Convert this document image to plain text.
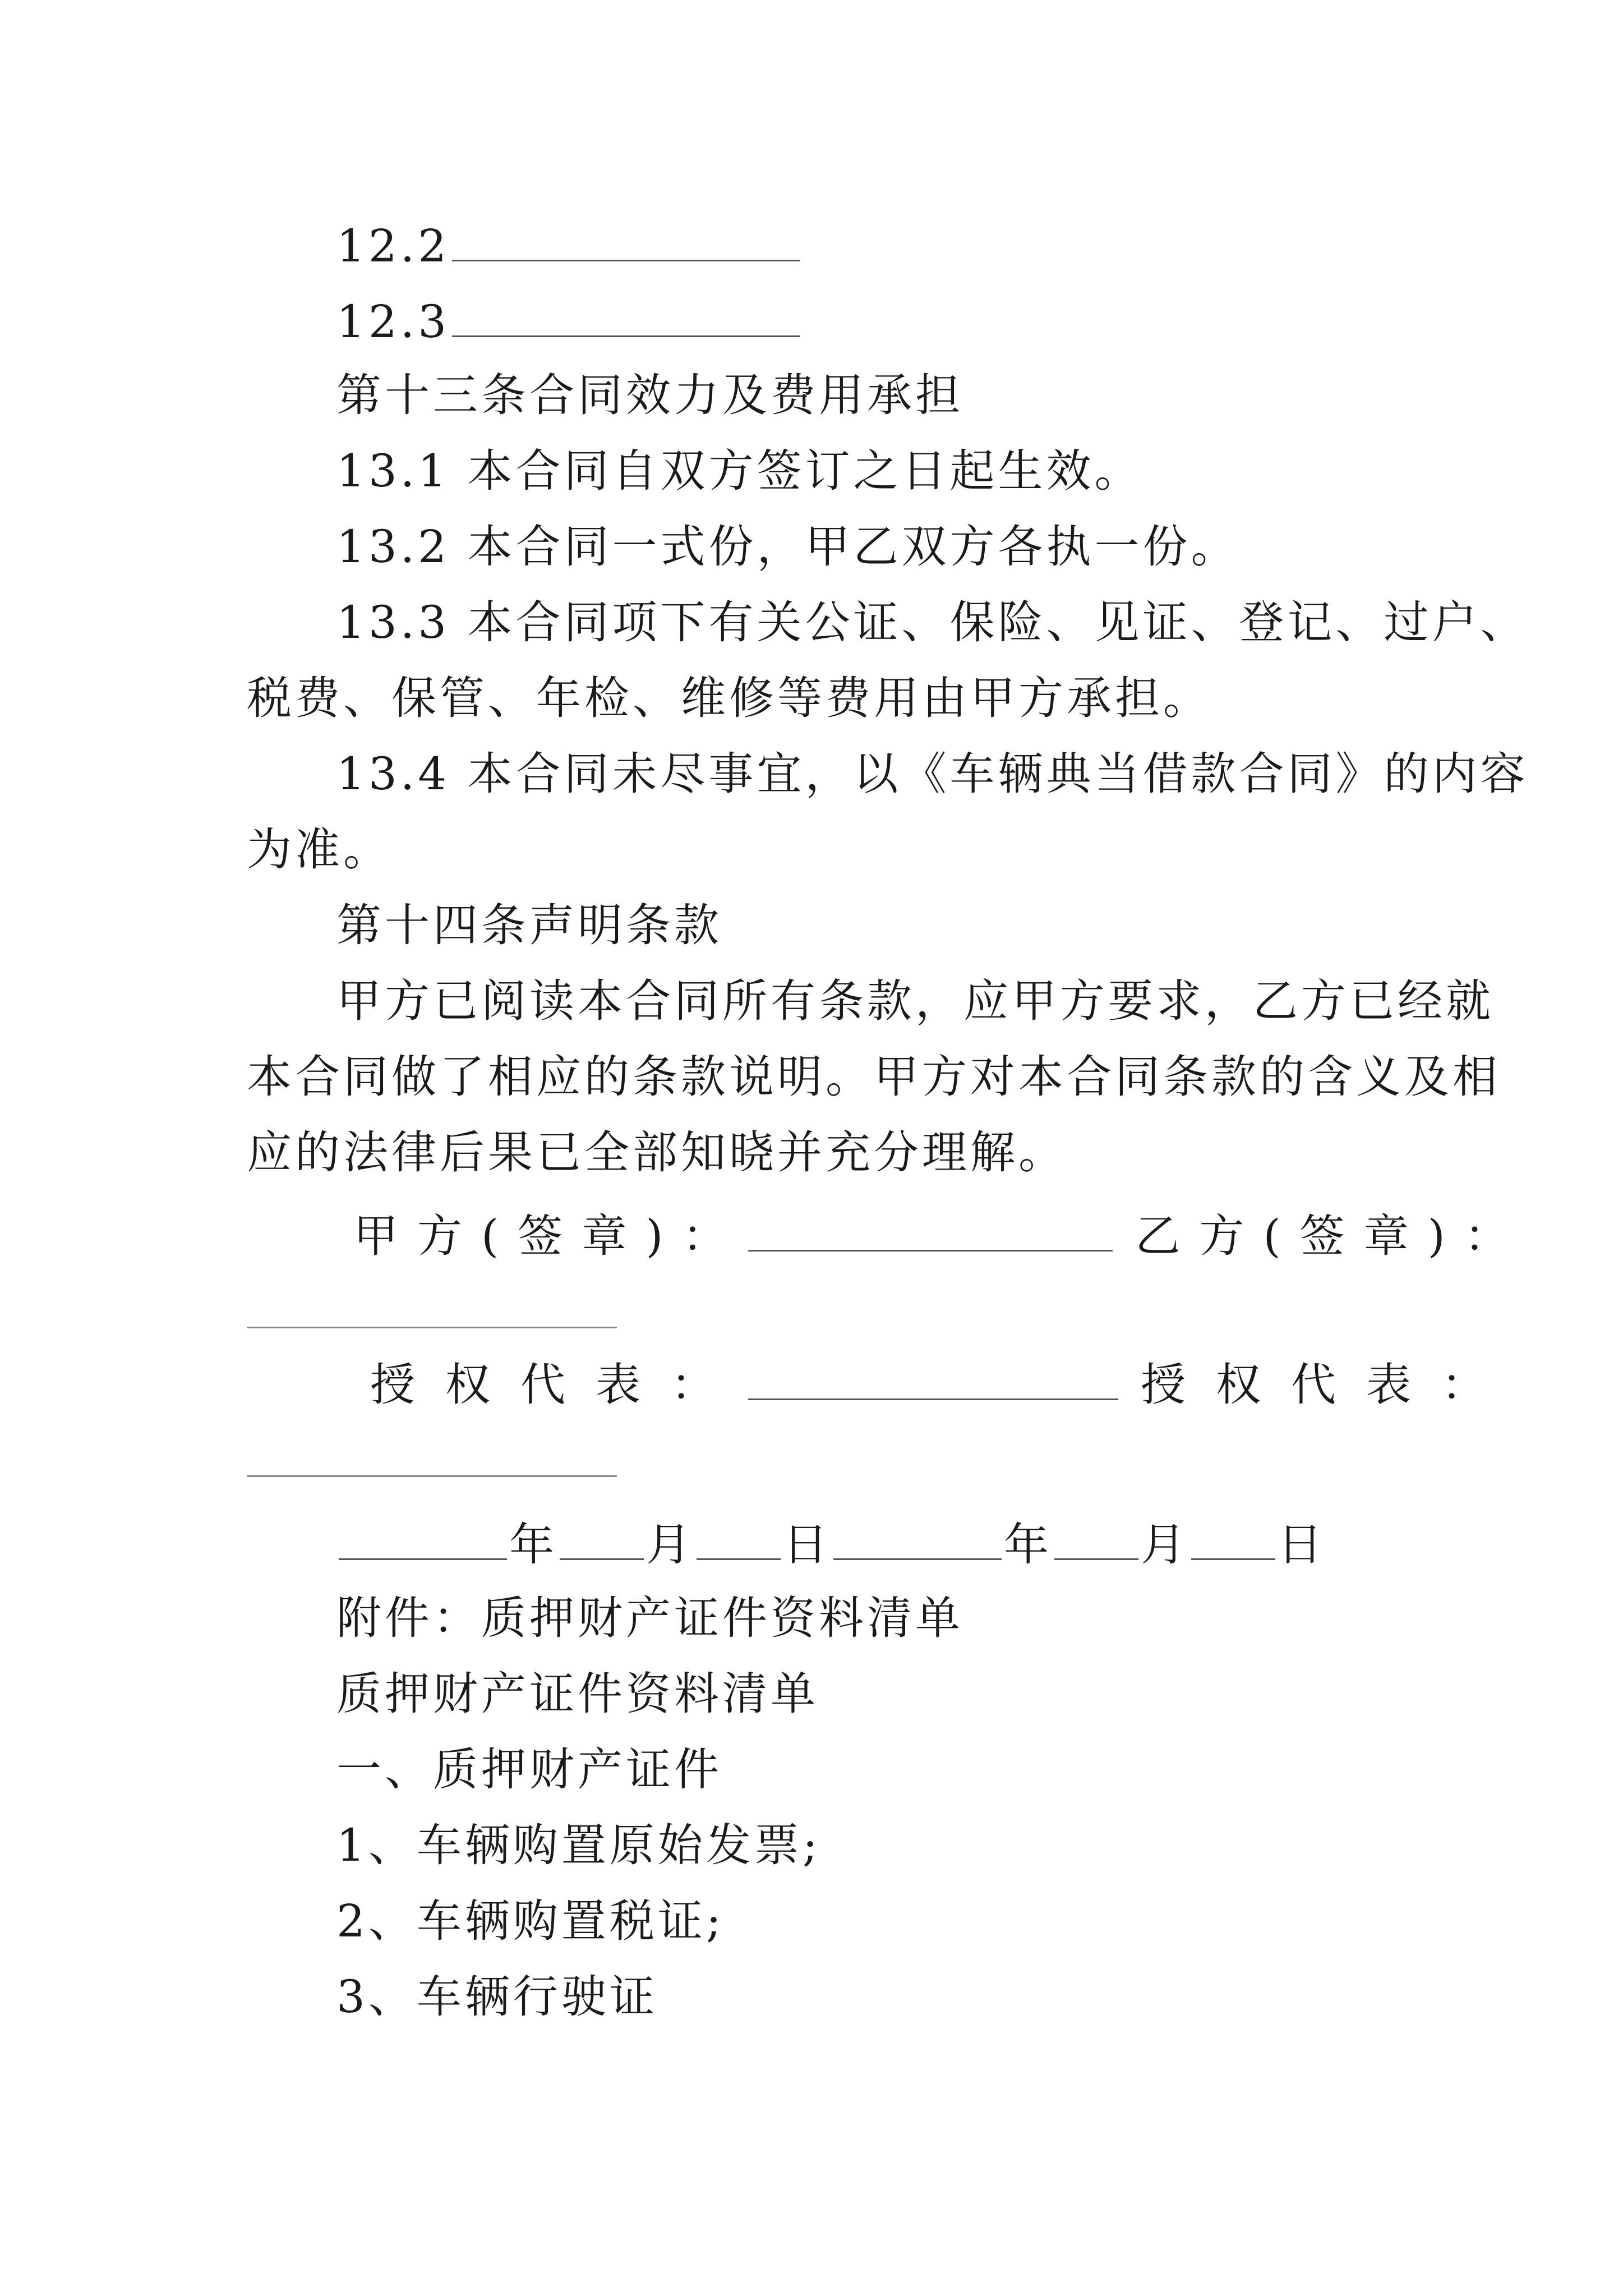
12.2
12.3
第十三条合同效力及费用承担
13.1 本合同自双方签订之日起生效。
13.2 本合同一式份，甲乙双方各执一份。
13.3 本合同项下有关公证、保险、见证、登记、过户、
税费、保管、年检、维修等费用由甲方承担。
13.4 本合同未尽事宜，以《车辆典当借款合同》的内容
为准。
第十四条声明条款
甲方已阅读本合同所有条款，应甲方要求，乙方已经就
本合同做了相应的条款说明。甲方对本合同条款的含义及相
应的法律后果已全部知晓并充分理解。
甲方(签章)：	乙方(签章)：
授权代表：	授权代表：
年 月 日	年 月 日
附件：质押财产证件资料清单
质押财产证件资料清单
一、质押财产证件
1、车辆购置原始发票;
2、车辆购置税证;
3、车辆行驶证
